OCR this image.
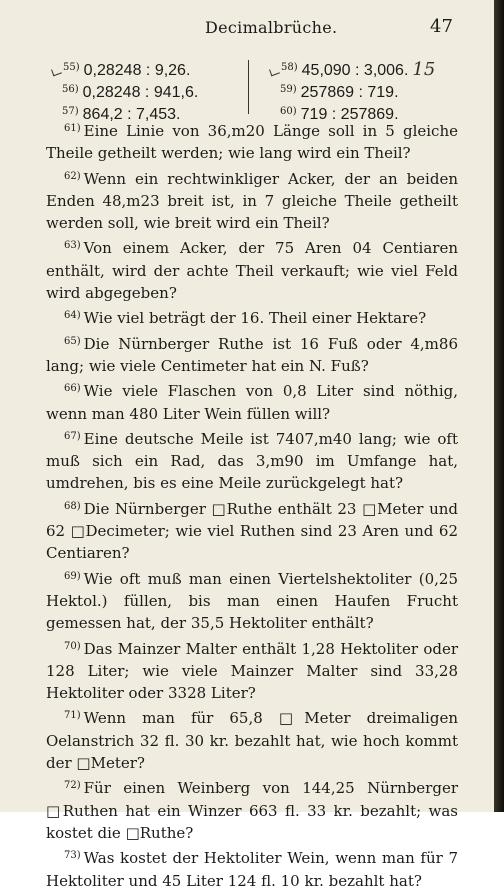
Decimalbrüche.	47
$^{55)}$ 0,28248 : 9,26.
$^{56)}$ 0,28248 : 941,6.
$^{57)}$ 864,2 : 7,453.
$^{58)}$ 45,090 : 3,006. 15
$^{59)}$ 257869 : 719.
$^{60)}$ 719 : 257869.

$^{61)}$ Eine Linie von 36,m20 Länge soll in 5 gleiche Theile getheilt werden; wie lang wird ein Theil?

$^{62)}$ Wenn ein rechtwinkliger Acker, der an beiden Enden 48,m23 breit ist, in 7 gleiche Theile getheilt werden soll, wie breit wird ein Theil?

$^{63)}$ Von einem Acker, der 75 Aren 04 Centiaren enthält, wird der achte Theil verkauft; wie viel Feld wird abgegeben?

$^{64)}$ Wie viel beträgt der 16. Theil einer Hektare?

$^{65)}$ Die Nürnberger Ruthe ist 16 Fuß oder 4,m86 lang; wie viele Centimeter hat ein N. Fuß?

$^{66)}$ Wie viele Flaschen von 0,8 Liter sind nöthig, wenn man 480 Liter Wein füllen will?

$^{67)}$ Eine deutsche Meile ist 7407,m40 lang; wie oft muß sich ein Rad, das 3,m90 im Umfange hat, umdrehen, bis es eine Meile zurückgelegt hat?

$^{68)}$ Die Nürnberger □Ruthe enthält 23 □Meter und 62 □Decimeter; wie viel Ruthen sind 23 Aren und 62 Centiaren?

$^{69)}$ Wie oft muß man einen Viertelshektoliter (0,25 Hektol.) füllen, bis man einen Haufen Frucht gemessen hat, der 35,5 Hektoliter enthält?

$^{70)}$ Das Mainzer Malter enthält 1,28 Hektoliter oder 128 Liter; wie viele Mainzer Malter sind 33,28 Hektoliter oder 3328 Liter?

$^{71)}$ Wenn man für 65,8 □Meter dreimaligen Oelanstrich 32 fl. 30 kr. bezahlt hat, wie hoch kommt der □Meter?

$^{72)}$ Für einen Weinberg von 144,25 Nürnberger □Ruthen hat ein Winzer 663 fl. 33 kr. bezahlt; was kostet die □Ruthe?

$^{73)}$ Was kostet der Hektoliter Wein, wenn man für 7 Hektoliter und 45 Liter 124 fl. 10 kr. bezahlt hat?
